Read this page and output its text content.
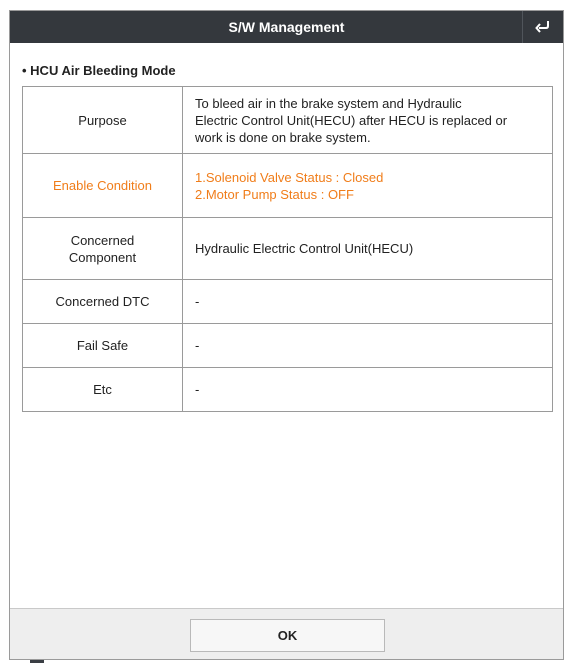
S/W Management
• HCU Air Bleeding Mode
Purpose	To bleed air in the brake system and Hydraulic
Electric Control Unit(HECU) after HECU is replaced or
work is done on brake system.

Enable Condition	1.Solenoid Valve Status : Closed
2.Motor Pump Status : OFF

Concerned
Component	Hydraulic Electric Control Unit(HECU)

Concerned DTC	-

Fail Safe	-

Etc	-
OK
